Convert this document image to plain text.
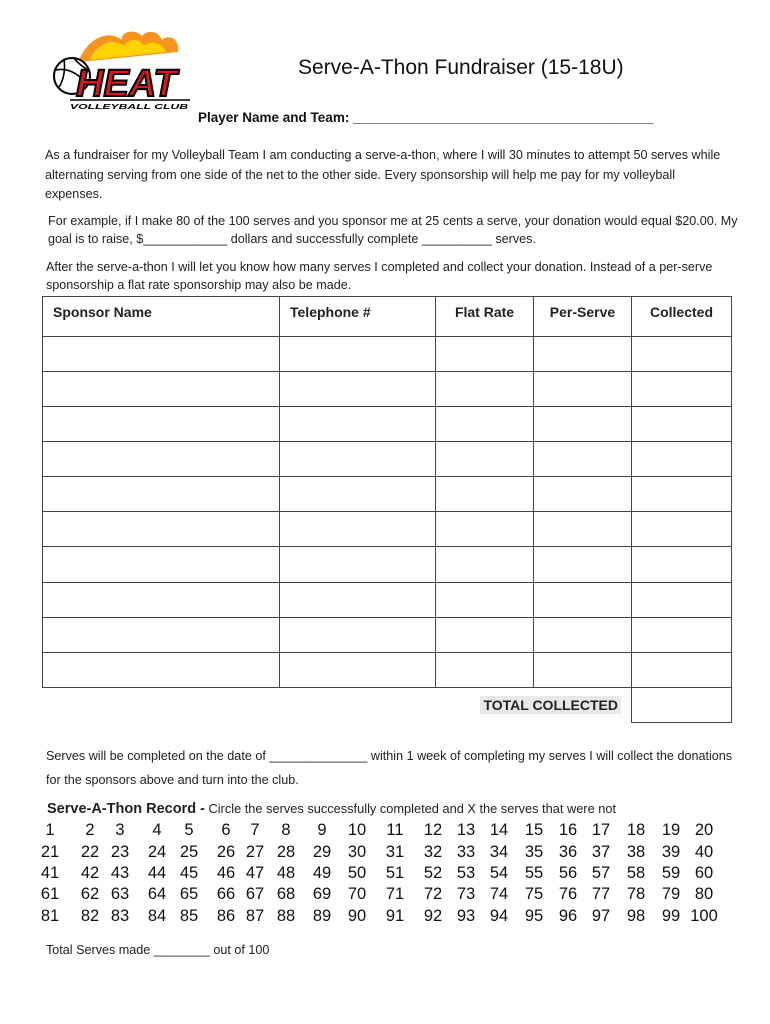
HEAT
VOLLEYBALL CLUB
Serve-A-Thon Fundraiser (15-18U)
Player Name and Team: ________________________________________
As a fundraiser for my Volleyball Team I am conducting a serve-a-thon, where I will 30 minutes to attempt 50 serves while alternating serving from one side of the net to the other side. Every sponsorship will help me pay for my volleyball expenses.
For example, if I make 80 of the 100 serves and you sponsor me at 25 cents a serve, your donation would equal $20.00. My goal is to raise, $____________ dollars and successfully complete __________ serves.
After the serve-a-thon I will let you know how many serves I completed and collect your donation. Instead of a per-serve sponsorship a flat rate sponsorship may also be made.
Sponsor Name	Telephone #	Flat Rate	Per-Serve	Collected

TOTAL COLLECTED				
Serves will be completed on the date of ______________ within 1 week of completing my serves I will collect the donations for the sponsors above and turn into the club.
Serve-A-Thon Record - Circle the serves successfully completed and X the serves that were not
1	2	3	4	5	6	7	8	9	10	11	12 13 14	15 16 17	18	19 20
21	22 23	24 25	26 27 28	29	30	31	32 33 34	35 36 37	38	39 40
41	42 43	44 45	46 47 48	49	50	51	52 53 54	55 56 57	58	59 60
61	62 63	64 65	66 67 68	69	70	71	72 73 74	75 76 77	78	79 80
81	82 83	84 85	86 87 88	89	90	91	92 93 94	95 96 97	98	99 100
Total Serves made ________ out of 100
